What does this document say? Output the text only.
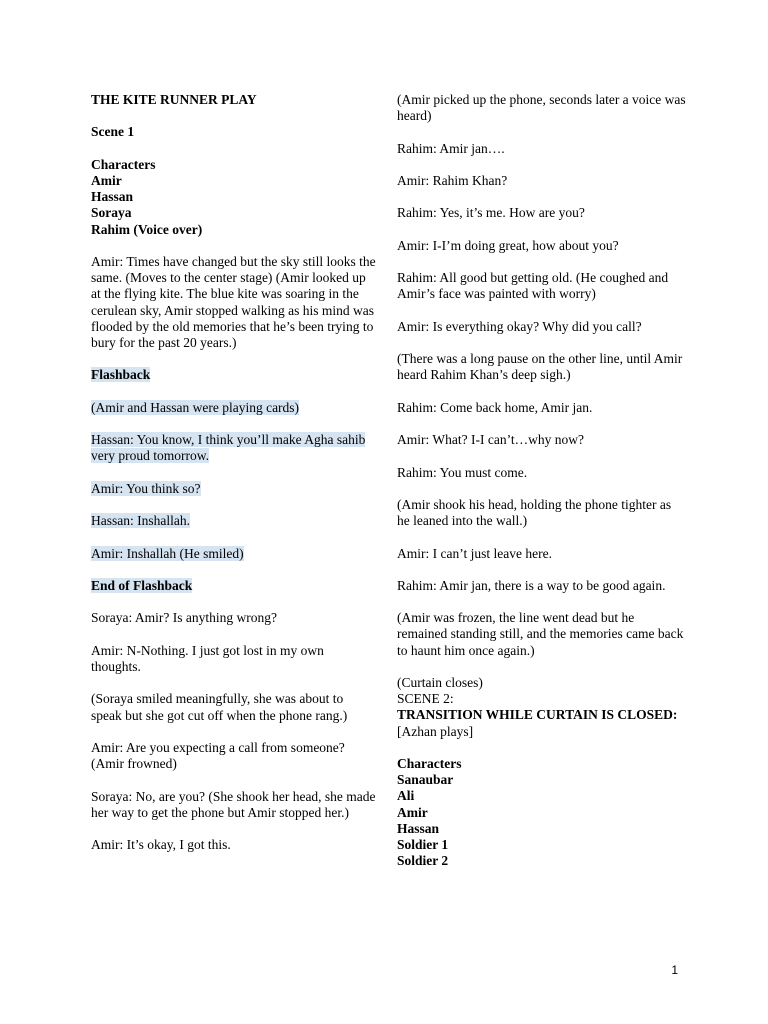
THE KITE RUNNER PLAY
Scene 1
Characters
Amir
Hassan
Soraya
Rahim (Voice over)
Amir: Times have changed but the sky still looks the same. (Moves to the center stage) (Amir looked up at the flying kite. The blue kite was soaring in the cerulean sky, Amir stopped walking as his mind was flooded by the old memories that he’s been trying to bury for the past 20 years.)
Flashback
(Amir and Hassan were playing cards)
Hassan: You know, I think you’ll make Agha sahib very proud tomorrow.
Amir: You think so?
Hassan: Inshallah.
Amir: Inshallah (He smiled)
End of Flashback
Soraya: Amir? Is anything wrong?
Amir: N-Nothing. I just got lost in my own thoughts.
(Soraya smiled meaningfully, she was about to speak but she got cut off when the phone rang.)
Amir: Are you expecting a call from someone? (Amir frowned)
Soraya: No, are you? (She shook her head, she made her way to get the phone but Amir stopped her.)
Amir: It’s okay, I got this.
(Amir picked up the phone, seconds later a voice was heard)
Rahim: Amir jan….
Amir: Rahim Khan?
Rahim: Yes, it’s me. How are you?
Amir: I-I’m doing great, how about you?
Rahim: All good but getting old. (He coughed and Amir’s face was painted with worry)
Amir: Is everything okay? Why did you call?
(There was a long pause on the other line, until Amir heard Rahim Khan’s deep sigh.)
Rahim: Come back home, Amir jan.
Amir: What? I-I can’t…why now?
Rahim: You must come.
(Amir shook his head, holding the phone tighter as he leaned into the wall.)
Amir: I can’t just leave here.
Rahim: Amir jan, there is a way to be good again.
(Amir was frozen, the line went dead but he remained standing still, and the memories came back to haunt him once again.)
(Curtain closes)
SCENE 2:
TRANSITION WHILE CURTAIN IS CLOSED:
[Azhan plays]
Characters
Sanaubar
Ali
Amir
Hassan
Soldier 1
Soldier 2
1
